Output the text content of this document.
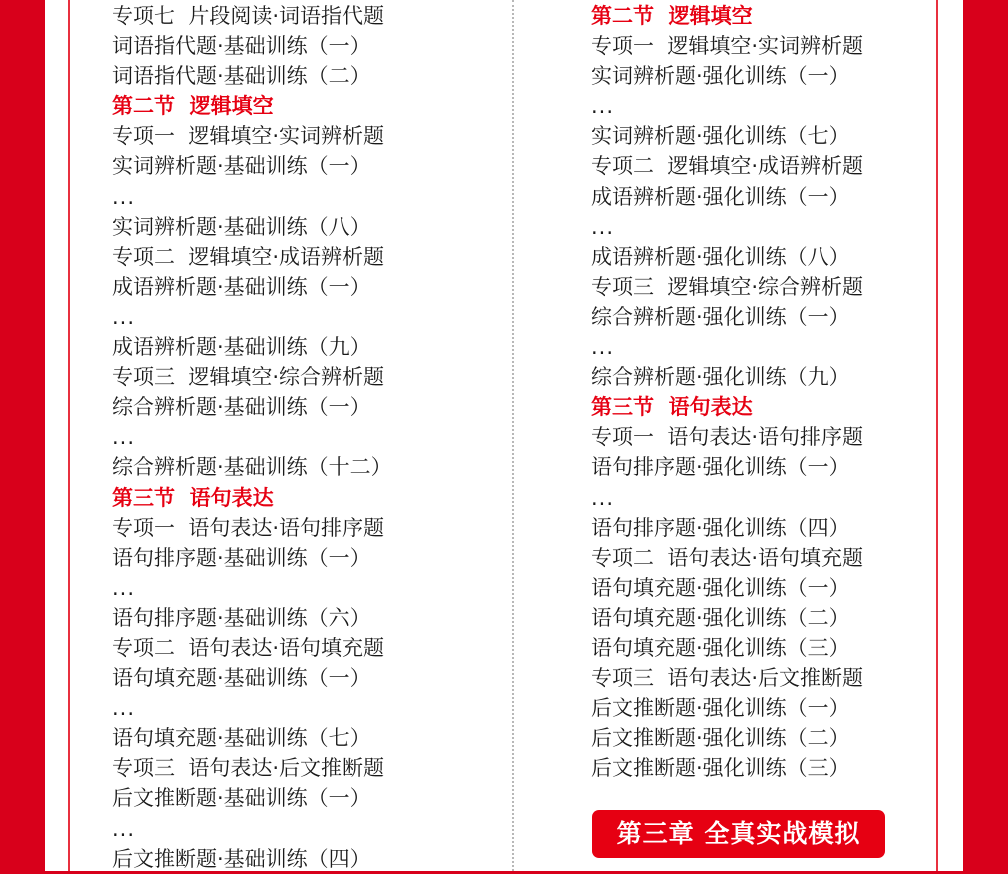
专项七  片段阅读·词语指代题
词语指代题·基础训练（一）
词语指代题·基础训练（二）
第二节  逻辑填空
专项一  逻辑填空·实词辨析题
实词辨析题·基础训练（一）
...
实词辨析题·基础训练（八）
专项二  逻辑填空·成语辨析题
成语辨析题·基础训练（一）
...
成语辨析题·基础训练（九）
专项三  逻辑填空·综合辨析题
综合辨析题·基础训练（一）
...
综合辨析题·基础训练（十二）
第三节  语句表达
专项一  语句表达·语句排序题
语句排序题·基础训练（一）
...
语句排序题·基础训练（六）
专项二  语句表达·语句填充题
语句填充题·基础训练（一）
...
语句填充题·基础训练（七）
专项三  语句表达·后文推断题
后文推断题·基础训练（一）
...
后文推断题·基础训练（四）
第二节  逻辑填空
专项一  逻辑填空·实词辨析题
实词辨析题·强化训练（一）
...
实词辨析题·强化训练（七）
专项二  逻辑填空·成语辨析题
成语辨析题·强化训练（一）
...
成语辨析题·强化训练（八）
专项三  逻辑填空·综合辨析题
综合辨析题·强化训练（一）
...
综合辨析题·强化训练（九）
第三节  语句表达
专项一  语句表达·语句排序题
语句排序题·强化训练（一）
...
语句排序题·强化训练（四）
专项二  语句表达·语句填充题
语句填充题·强化训练（一）
语句填充题·强化训练（二）
语句填充题·强化训练（三）
专项三  语句表达·后文推断题
后文推断题·强化训练（一）
后文推断题·强化训练（二）
后文推断题·强化训练（三）
第三章 全真实战模拟
